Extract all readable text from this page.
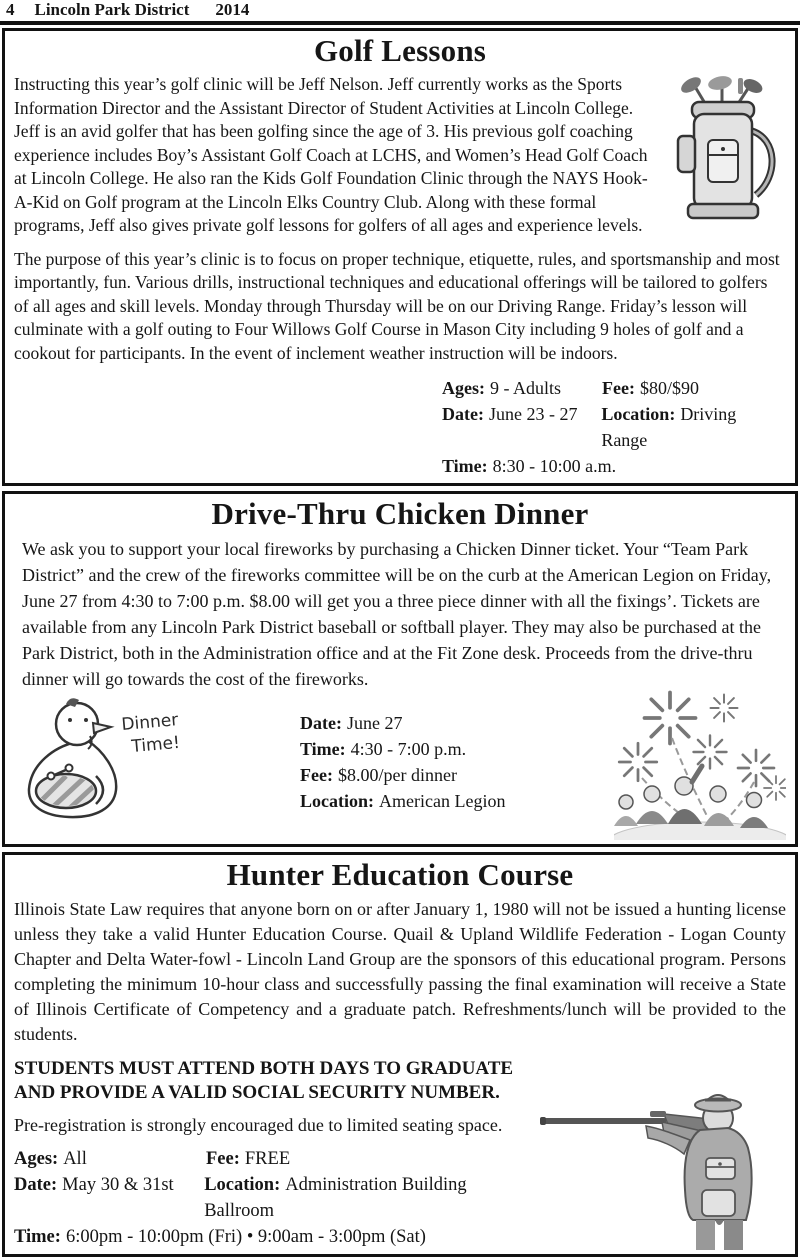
4 Lincoln Park District 2014
Golf Lessons

Instructing this year’s golf clinic will be Jeff Nelson. Jeff currently works as the Sports Information Director and the Assistant Director of Student Activities at Lincoln College. Jeff is an avid golfer that has been golfing since the age of 3. His previous golf coaching experience includes Boy’s Assistant Golf Coach at LCHS, and Women’s Head Golf Coach at Lincoln College. He also ran the Kids Golf Foundation Clinic through the NAYS Hook-A-Kid on Golf program at the Lincoln Elks Country Club. Along with these formal programs, Jeff also gives private golf lessons for golfers of all ages and experience levels.

The purpose of this year’s clinic is to focus on proper technique, etiquette, rules, and sportsmanship and most importantly, fun. Various drills, instructional techniques and educational offerings will be tailored to golfers of all ages and skill levels. Monday through Thursday will be on our Driving Range. Friday’s lesson will culminate with a golf outing to Four Willows Golf Course in Mason City including 9 holes of golf and a cookout for participants. In the event of inclement weather instruction will be indoors.

Ages: 9 - Adults	Fee: $80/$90
Date: June 23 - 27	Location: Driving Range
Time: 8:30 - 10:00 a.m.
Drive-Thru Chicken Dinner

We ask you to support your local fireworks by purchasing a Chicken Dinner ticket. Your “Team Park District” and the crew of the fireworks committee will be on the curb at the American Legion on Friday, June 27 from 4:30 to 7:00 p.m. $8.00 will get you a three piece dinner with all the fixings’. Tickets are available from any Lincoln Park District baseball or softball player. They may also be purchased at the Park District, both in the Administration office and at the Fit Zone desk. Proceeds from the drive-thru dinner will go towards the cost of the fireworks.

Dinner
Time!
Date: June 27
Time: 4:30 - 7:00 p.m.
Fee: $8.00/per dinner
Location: American Legion
Hunter Education Course

Illinois State Law requires that anyone born on or after January 1, 1980 will not be issued a hunting license unless they take a valid Hunter Education Course. Quail & Upland Wildlife Federation - Logan County Chapter and Delta Water-fowl - Lincoln Land Group are the sponsors of this educational program. Persons completing the minimum 10-hour class and successfully passing the final examination will receive a State of Illinois Certificate of Competency and a graduate patch. Refreshments/lunch will be provided to the students.

STUDENTS MUST ATTEND BOTH DAYS TO GRADUATE AND PROVIDE A VALID SOCIAL SECURITY NUMBER.

Pre-registration is strongly encouraged due to limited seating space.

Ages: All	Fee: FREE
Date: May 30 & 31st	Location: Administration Building Ballroom
Time: 6:00pm - 10:00pm (Fri) • 9:00am - 3:00pm (Sat)
